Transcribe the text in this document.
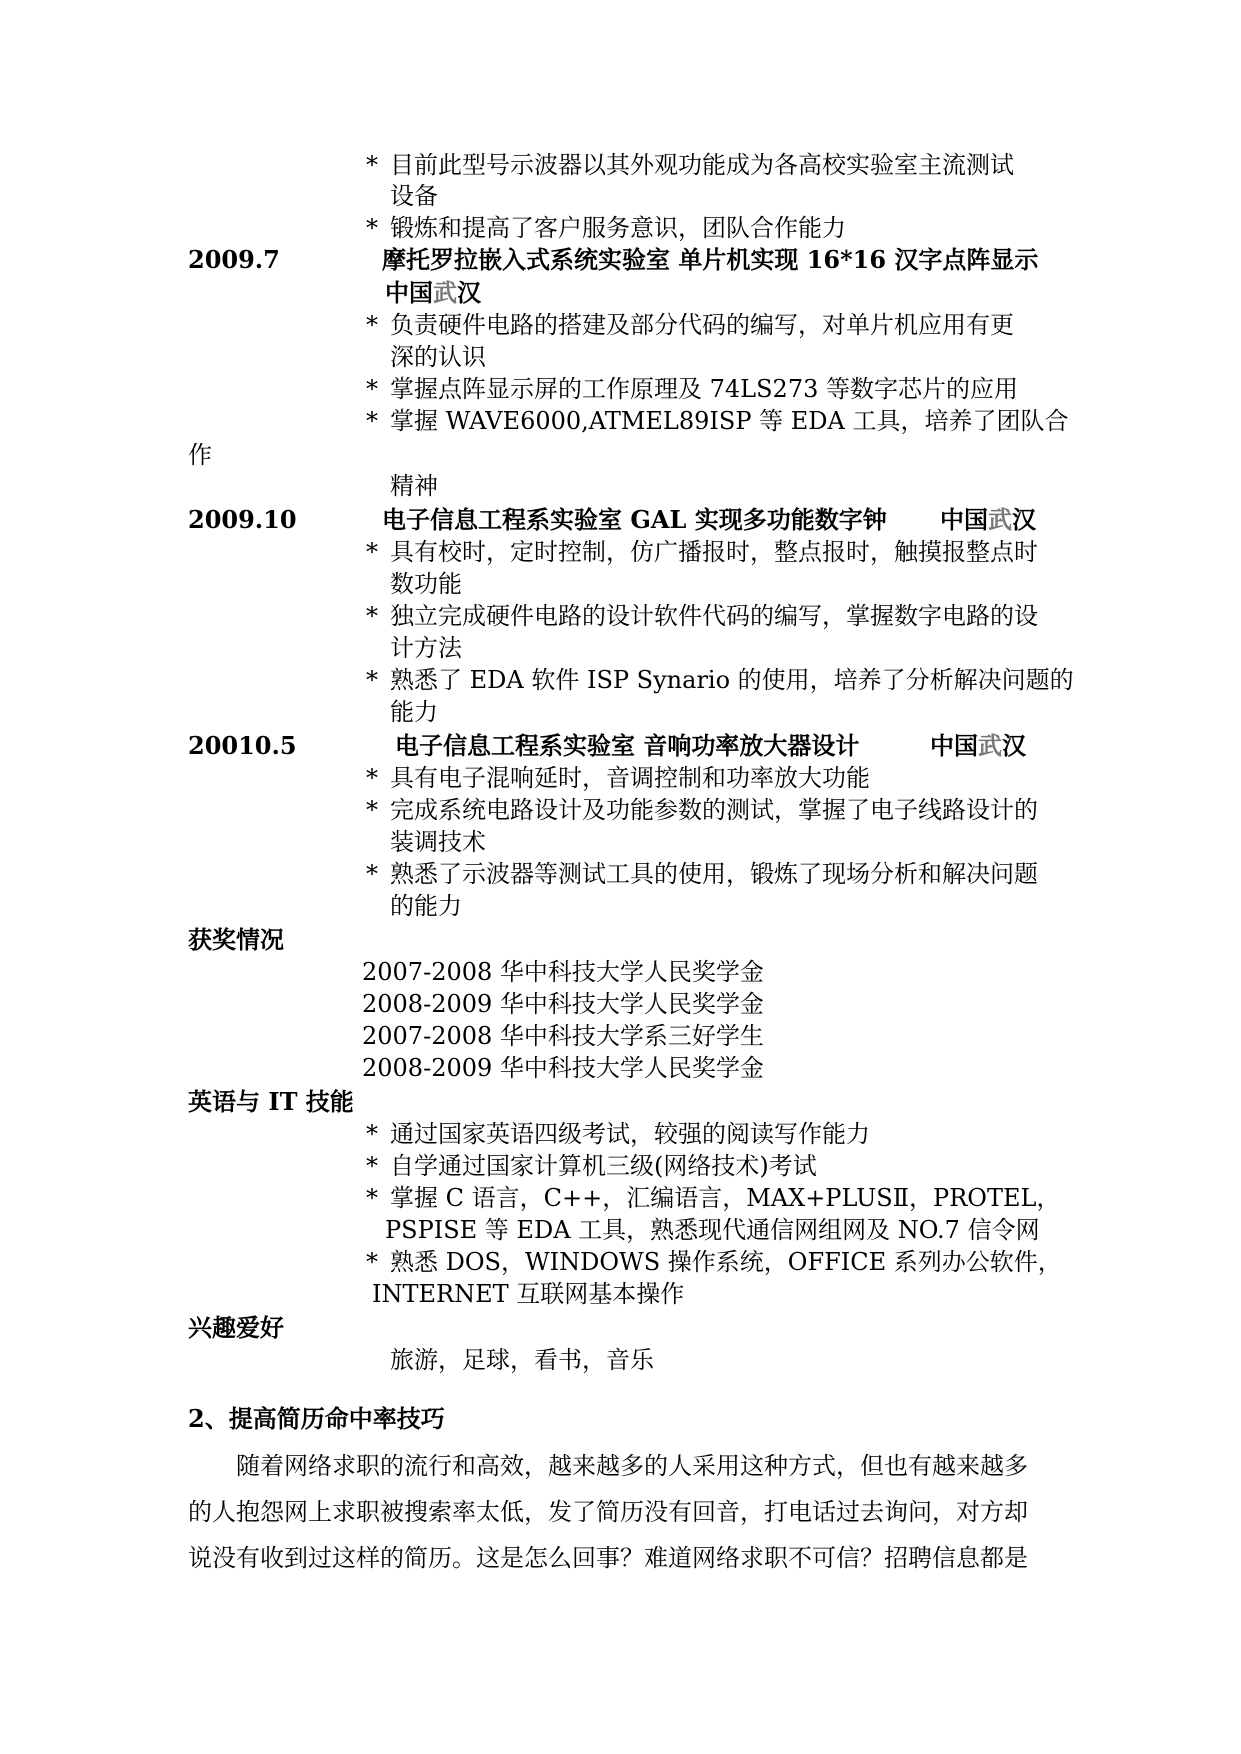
* 目前此型号示波器以其外观功能成为各高校实验室主流测试

设备

* 锻炼和提高了客户服务意识，团队合作能力

2009.7	摩托罗拉嵌入式系统实验室 单片机实现 16*16 汉字点阵显示

中国武汉

* 负责硬件电路的搭建及部分代码的编写，对单片机应用有更

深的认识

* 掌握点阵显示屏的工作原理及 74LS273 等数字芯片的应用

* 掌握 WAVE6000,ATMEL89ISP 等 EDA 工具，培养了团队合

作

精神

2009.10	电子信息工程系实验室 GAL 实现多功能数字钟 中国武汉

* 具有校时，定时控制，仿广播报时，整点报时，触摸报整点时

数功能

* 独立完成硬件电路的设计软件代码的编写，掌握数字电路的设

计方法

* 熟悉了 EDA 软件 ISP Synario 的使用，培养了分析解决问题的

能力

20010.5	电子信息工程系实验室 音响功率放大器设计	中国武汉

* 具有电子混响延时，音调控制和功率放大功能

* 完成系统电路设计及功能参数的测试，掌握了电子线路设计的

装调技术

* 熟悉了示波器等测试工具的使用，锻炼了现场分析和解决问题

的能力

获奖情况

2007-2008 华中科技大学人民奖学金

2008-2009 华中科技大学人民奖学金

2007-2008 华中科技大学系三好学生

2008-2009 华中科技大学人民奖学金

英语与 IT 技能

* 通过国家英语四级考试，较强的阅读写作能力

* 自学通过国家计算机三级(网络技术)考试

* 掌握 C 语言，C++，汇编语言，MAX+PLUSⅡ，PROTEL，

PSPISE 等 EDA 工具，熟悉现代通信网组网及 NO.7 信令网

* 熟悉 DOS，WINDOWS 操作系统，OFFICE 系列办公软件，

INTERNET 互联网基本操作

兴趣爱好

旅游，足球，看书，音乐

2、提高简历命中率技巧

随着网络求职的流行和高效，越来越多的人采用这种方式，但也有越来越多

的人抱怨网上求职被搜索率太低，发了简历没有回音，打电话过去询问，对方却

说没有收到过这样的简历。这是怎么回事？难道网络求职不可信？招聘信息都是
